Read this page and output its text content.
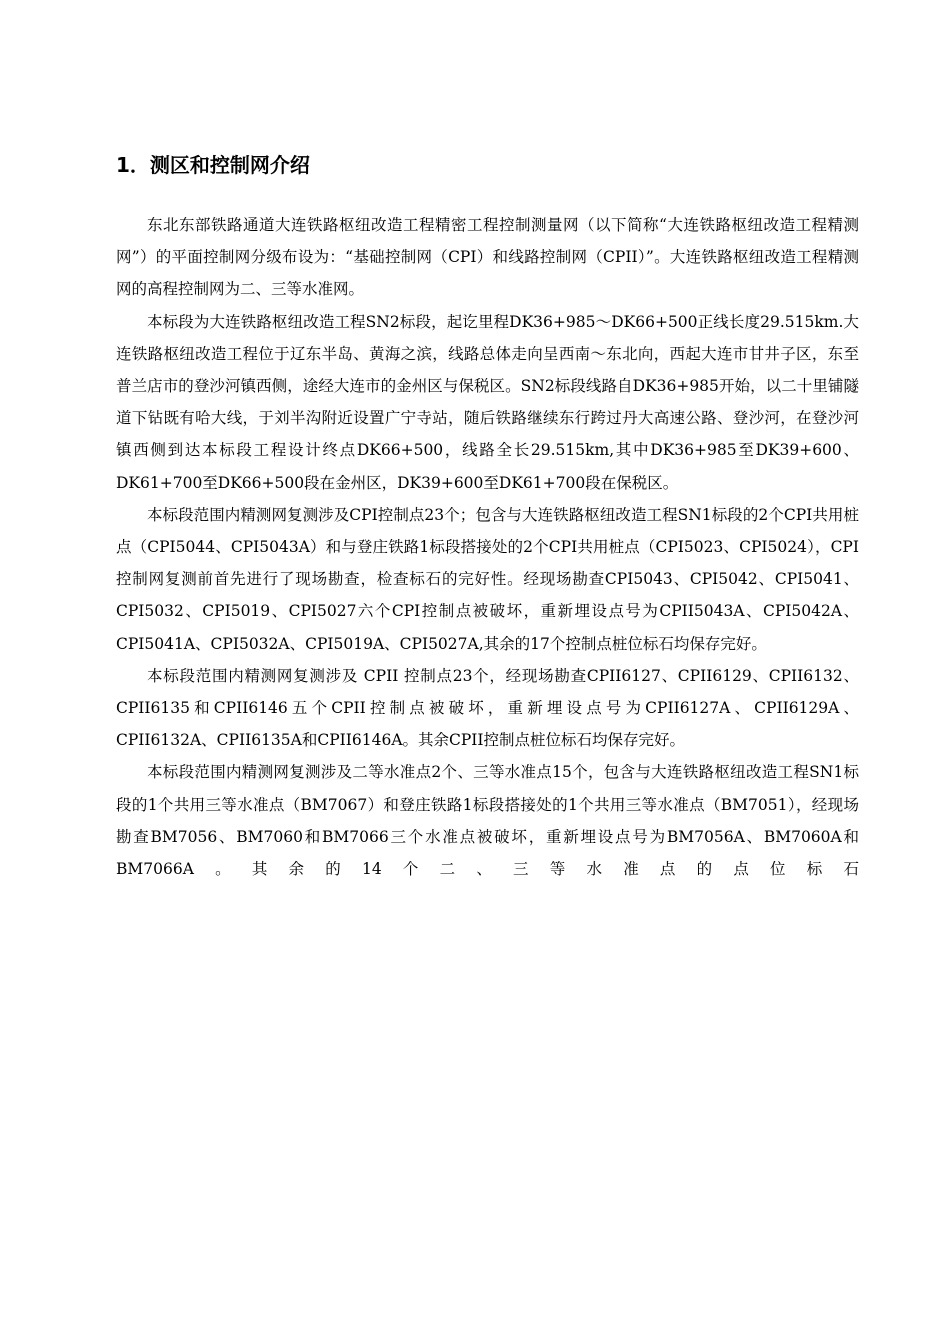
1．测区和控制网介绍

东北东部铁路通道大连铁路枢纽改造工程精密工程控制测量网（以下简称“大连铁路枢纽改造工程精测网”）的平面控制网分级布设为：“基础控制网（CPI）和线路控制网（CPII）”。大连铁路枢纽改造工程精测网的高程控制网为二、三等水准网。

本标段为大连铁路枢纽改造工程SN2标段，起讫里程DK36+985～DK66+500正线长度29.515km.大连铁路枢纽改造工程位于辽东半岛、黄海之滨，线路总体走向呈西南～东北向，西起大连市甘井子区，东至普兰店市的登沙河镇西侧，途经大连市的金州区与保税区。SN2标段线路自DK36+985开始，以二十里铺隧道下钻既有哈大线，于刘半沟附近设置广宁寺站，随后铁路继续东行跨过丹大高速公路、登沙河，在登沙河镇西侧到达本标段工程设计终点DK66+500，线路全长29.515km,其中DK36+985至DK39+600、DK61+700至DK66+500段在金州区，DK39+600至DK61+700段在保税区。

本标段范围内精测网复测涉及CPI控制点23个；包含与大连铁路枢纽改造工程SN1标段的2个CPI共用桩点（CPI5044、CPI5043A）和与登庄铁路1标段搭接处的2个CPI共用桩点（CPI5023、CPI5024），CPI控制网复测前首先进行了现场勘查，检查标石的完好性。经现场勘查CPI5043、CPI5042、CPI5041、CPI5032、CPI5019、CPI5027六个CPI控制点被破坏，重新埋设点号为CPII5043A、CPI5042A、CPI5041A、CPI5032A、CPI5019A、CPI5027A,其余的17个控制点桩位标石均保存完好。

本标段范围内精测网复测涉及 CPII 控制点23个，经现场勘查CPII6127、CPII6129、CPII6132、CPII6135和CPII6146五个CPII控制点被破坏，重新埋设点号为CPII6127A、CPII6129A、CPII6132A、CPII6135A和CPII6146A。其余CPII控制点桩位标石均保存完好。

本标段范围内精测网复测涉及二等水准点2个、三等水准点15个，包含与大连铁路枢纽改造工程SN1标段的1个共用三等水准点（BM7067）和登庄铁路1标段搭接处的1个共用三等水准点（BM7051），经现场勘查BM7056、BM7060和BM7066三个水准点被破坏，重新埋设点号为BM7056A、BM7060A和BM7066A。其余的14个二、三等水准点的点位标石
